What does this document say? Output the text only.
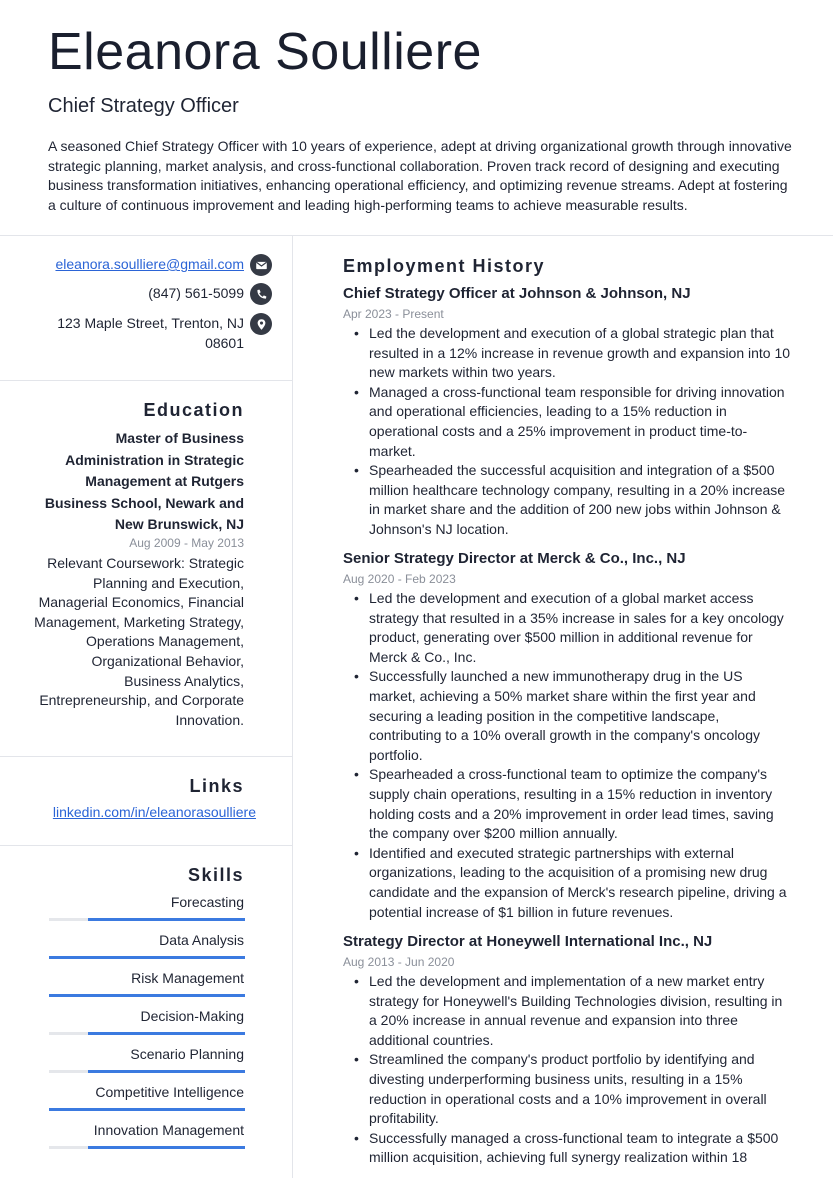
Eleanora Soulliere
Chief Strategy Officer

A seasoned Chief Strategy Officer with 10 years of experience, adept at driving organizational growth through innovative strategic planning, market analysis, and cross-functional collaboration. Proven track record of designing and executing business transformation initiatives, enhancing operational efficiency, and optimizing revenue streams. Adept at fostering a culture of continuous improvement and leading high-performing teams to achieve measurable results.

eleanora.soulliere@gmail.com
(847) 561-5099
123 Maple Street, Trenton, NJ 08601
Education
Master of Business Administration in Strategic Management at Rutgers Business School, Newark and New Brunswick, NJ
Aug 2009 - May 2013

Relevant Coursework: Strategic Planning and Execution, Managerial Economics, Financial Management, Marketing Strategy, Operations Management, Organizational Behavior, Business Analytics, Entrepreneurship, and Corporate Innovation.

Links
linkedin.com/in/eleanorasoulliere
Skills
Forecasting
Data Analysis
Risk Management
Decision-Making
Scenario Planning
Competitive Intelligence
Innovation Management
Employment History
Chief Strategy Officer at Johnson & Johnson, NJ
Apr 2023 - Present
• Led the development and execution of a global strategic plan that resulted in a 12% increase in revenue growth and expansion into 10 new markets within two years.
• Managed a cross-functional team responsible for driving innovation and operational efficiencies, leading to a 15% reduction in operational costs and a 25% improvement in product time-to-market.
• Spearheaded the successful acquisition and integration of a $500 million healthcare technology company, resulting in a 20% increase in market share and the addition of 200 new jobs within Johnson & Johnson's NJ location.
Senior Strategy Director at Merck & Co., Inc., NJ
Aug 2020 - Feb 2023
• Led the development and execution of a global market access strategy that resulted in a 35% increase in sales for a key oncology product, generating over $500 million in additional revenue for Merck & Co., Inc.
• Successfully launched a new immunotherapy drug in the US market, achieving a 50% market share within the first year and securing a leading position in the competitive landscape, contributing to a 10% overall growth in the company's oncology portfolio.
• Spearheaded a cross-functional team to optimize the company's supply chain operations, resulting in a 15% reduction in inventory holding costs and a 20% improvement in order lead times, saving the company over $200 million annually.
• Identified and executed strategic partnerships with external organizations, leading to the acquisition of a promising new drug candidate and the expansion of Merck's research pipeline, driving a potential increase of $1 billion in future revenues.
Strategy Director at Honeywell International Inc., NJ
Aug 2013 - Jun 2020
• Led the development and implementation of a new market entry strategy for Honeywell's Building Technologies division, resulting in a 20% increase in annual revenue and expansion into three additional countries.
• Streamlined the company's product portfolio by identifying and divesting underperforming business units, resulting in a 15% reduction in operational costs and a 10% improvement in overall profitability.
• Successfully managed a cross-functional team to integrate a $500 million acquisition, achieving full synergy realization within 18
